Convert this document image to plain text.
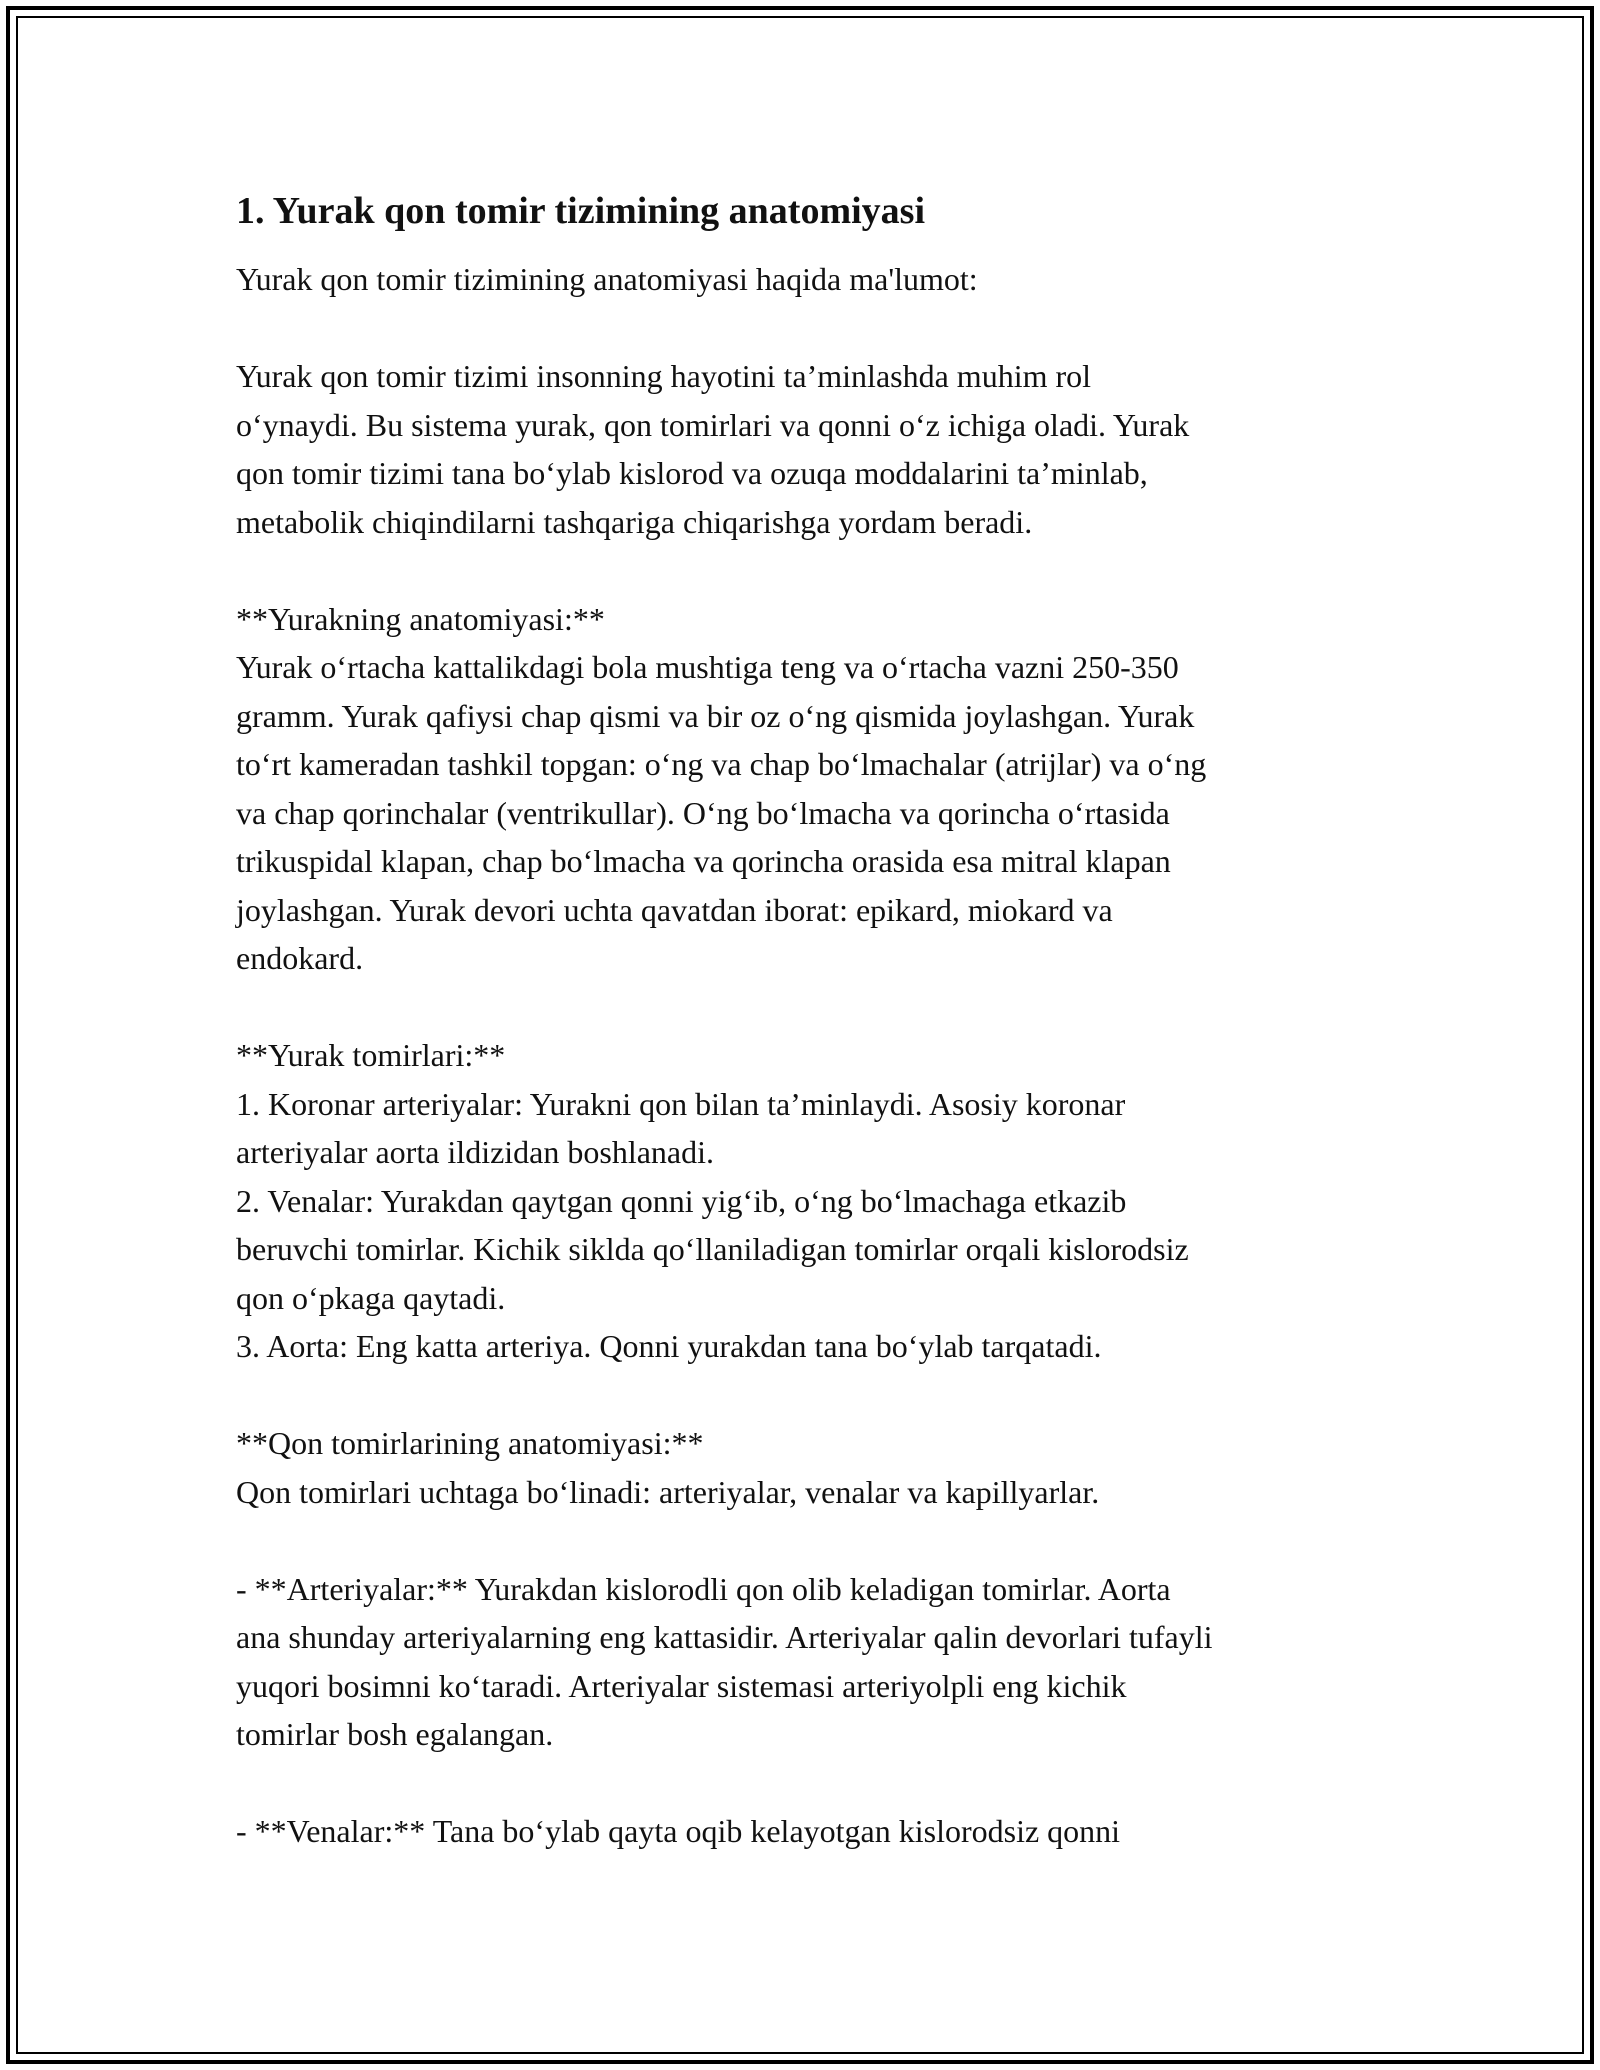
1. Yurak qon tomir tizimining anatomiyasi

Yurak qon tomir tizimining anatomiyasi haqida ma'lumot:

Yurak qon tomir tizimi insonning hayotini ta’minlashda muhim rol

o‘ynaydi. Bu sistema yurak, qon tomirlari va qonni o‘z ichiga oladi. Yurak

qon tomir tizimi tana bo‘ylab kislorod va ozuqa moddalarini ta’minlab,

metabolik chiqindilarni tashqariga chiqarishga yordam beradi.

**Yurakning anatomiyasi:**

Yurak o‘rtacha kattalikdagi bola mushtiga teng va o‘rtacha vazni 250-350

gramm. Yurak qafiysi chap qismi va bir oz o‘ng qismida joylashgan. Yurak

to‘rt kameradan tashkil topgan: o‘ng va chap bo‘lmachalar (atrijlar) va o‘ng

va chap qorinchalar (ventrikullar). O‘ng bo‘lmacha va qorincha o‘rtasida

trikuspidal klapan, chap bo‘lmacha va qorincha orasida esa mitral klapan

joylashgan. Yurak devori uchta qavatdan iborat: epikard, miokard va

endokard.

**Yurak tomirlari:**

1. Koronar arteriyalar: Yurakni qon bilan ta’minlaydi. Asosiy koronar

arteriyalar aorta ildizidan boshlanadi.

2. Venalar: Yurakdan qaytgan qonni yig‘ib, o‘ng bo‘lmachaga etkazib

beruvchi tomirlar. Kichik siklda qo‘llaniladigan tomirlar orqali kislorodsiz

qon o‘pkaga qaytadi.

3. Aorta: Eng katta arteriya. Qonni yurakdan tana bo‘ylab tarqatadi.

**Qon tomirlarining anatomiyasi:**

Qon tomirlari uchtaga bo‘linadi: arteriyalar, venalar va kapillyarlar.

- **Arteriyalar:** Yurakdan kislorodli qon olib keladigan tomirlar. Aorta

ana shunday arteriyalarning eng kattasidir. Arteriyalar qalin devorlari tufayli

yuqori bosimni ko‘taradi. Arteriyalar sistemasi arteriyolpli eng kichik

tomirlar bosh egalangan.

- **Venalar:** Tana bo‘ylab qayta oqib kelayotgan kislorodsiz qonni
